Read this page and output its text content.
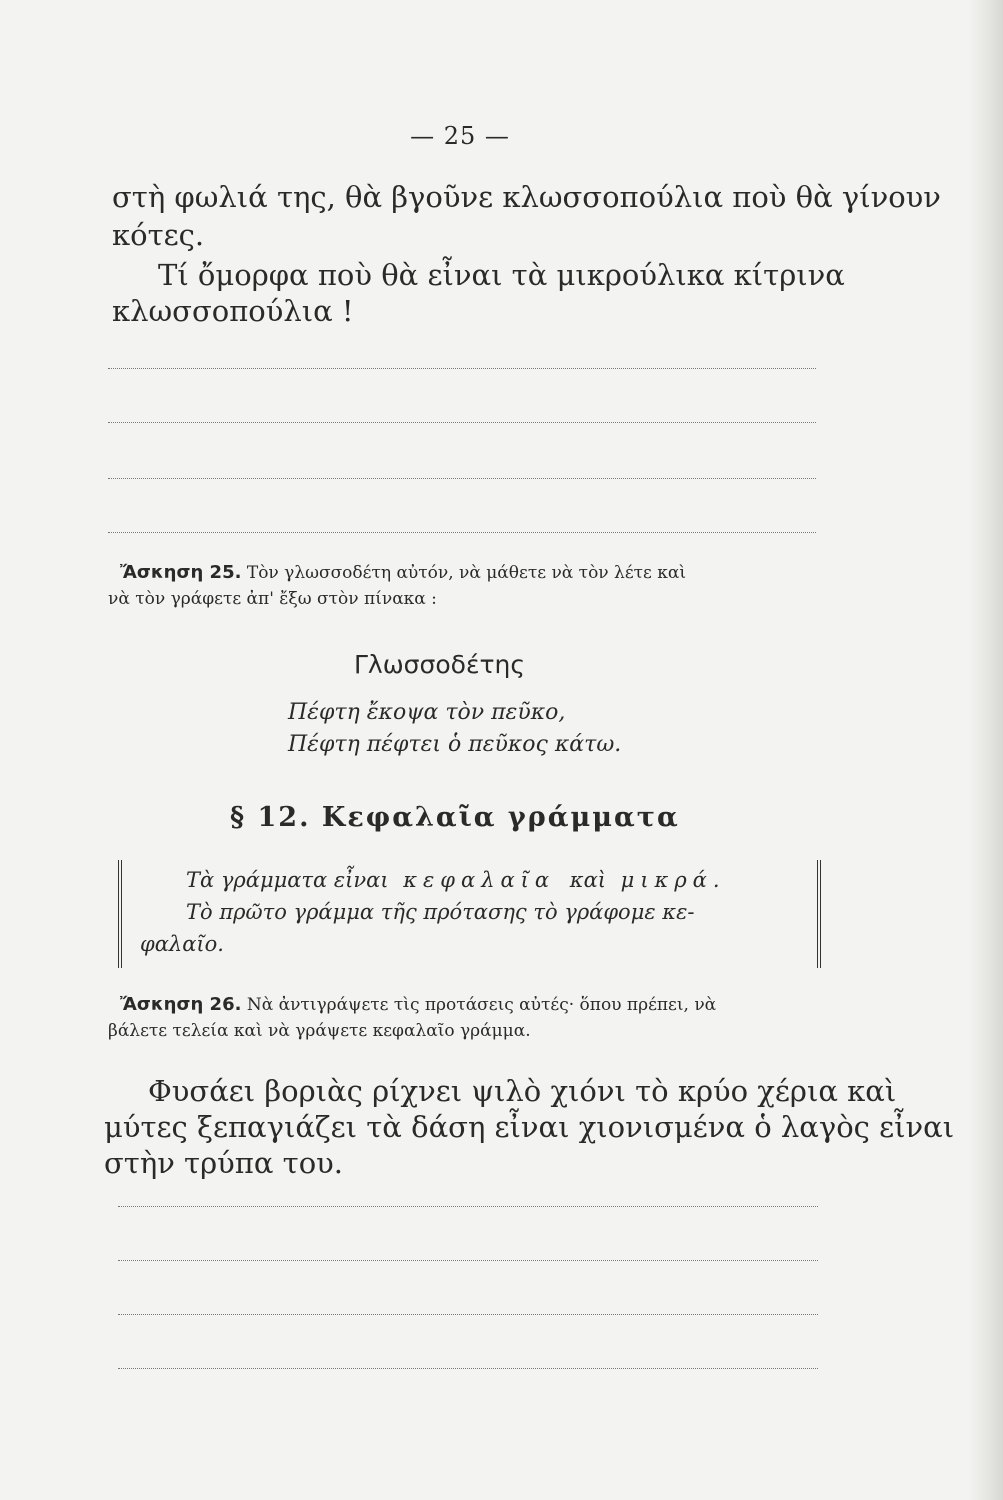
— 25 —
στὴ φωλιά της, θὰ βγοῦνε κλωσσοπούλια ποὺ θὰ γίνουν
κότες.
Τί ὄμορφα ποὺ θὰ εἶναι τὰ μικρούλικα κίτρινα
κλωσσοπούλια !
Ἄσκηση 25. Τὸν γλωσσοδέτη αὐτόν, νὰ μάθετε νὰ τὸν λέτε καὶ
νὰ τὸν γράφετε ἀπ' ἔξω στὸν πίνακα :
Γλωσσοδέτης
Πέφτη ἔκοψα τὸν πεῦκο,
Πέφτη πέφτει ὁ πεῦκος κάτω.
§ 12. Κεφαλαῖα γράμματα
Τὰ γράμματα εἶναι κεφαλαῖα καὶ μικρά.
Τὸ πρῶτο γράμμα τῆς πρότασης τὸ γράφομε κε-
φαλαῖο.
Ἄσκηση 26. Νὰ ἀντιγράψετε τὶς προτάσεις αὐτές· ὅπου πρέπει, νὰ
βάλετε τελεία καὶ νὰ γράψετε κεφαλαῖο γράμμα.
Φυσάει βοριὰς ρίχνει ψιλὸ χιόνι τὸ κρύο χέρια καὶ
μύτες ξεπαγιάζει τὰ δάση εἶναι χιονισμένα ὁ λαγὸς εἶναι
στὴν τρύπα του.
